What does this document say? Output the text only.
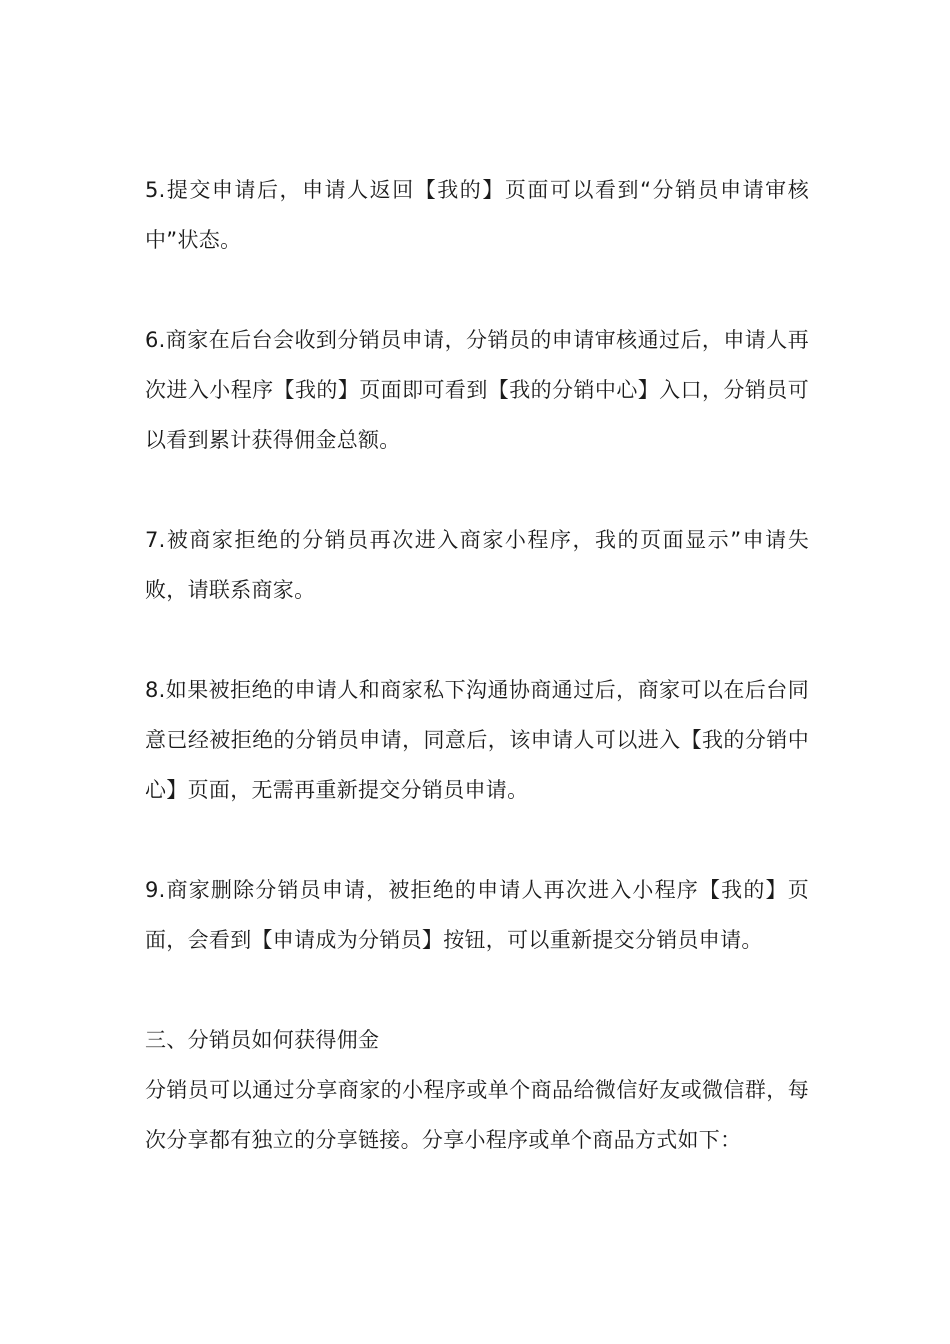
5.提交申请后，申请人返回【我的】页面可以看到“分销员申请审核中”状态。

6.商家在后台会收到分销员申请，分销员的申请审核通过后，申请人再次进入小程序【我的】页面即可看到【我的分销中心】入口，分销员可以看到累计获得佣金总额。

7.被商家拒绝的分销员再次进入商家小程序，我的页面显示”申请失败，请联系商家。

8.如果被拒绝的申请人和商家私下沟通协商通过后，商家可以在后台同意已经被拒绝的分销员申请，同意后，该申请人可以进入【我的分销中心】页面，无需再重新提交分销员申请。

9.商家删除分销员申请，被拒绝的申请人再次进入小程序【我的】页面，会看到【申请成为分销员】按钮，可以重新提交分销员申请。

三、分销员如何获得佣金

分销员可以通过分享商家的小程序或单个商品给微信好友或微信群，每次分享都有独立的分享链接。分享小程序或单个商品方式如下：
